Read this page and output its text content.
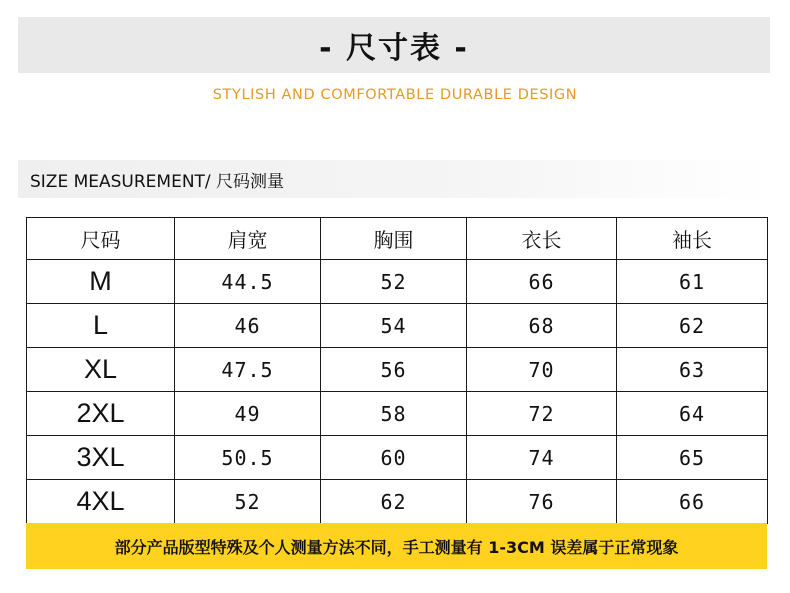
- 尺寸表 -
STYLISH AND COMFORTABLE DURABLE DESIGN
SIZE MEASUREMENT/ 尺码测量
尺码	肩宽	胸围	衣长	袖长
M	44.5	52	66	61
L	46	54	68	62
XL	47.5	56	70	63
2XL	49	58	72	64
3XL	50.5	60	74	65
4XL	52	62	76	66
部分产品版型特殊及个人测量方法不同，手工测量有 1-3CM 误差属于正常现象
